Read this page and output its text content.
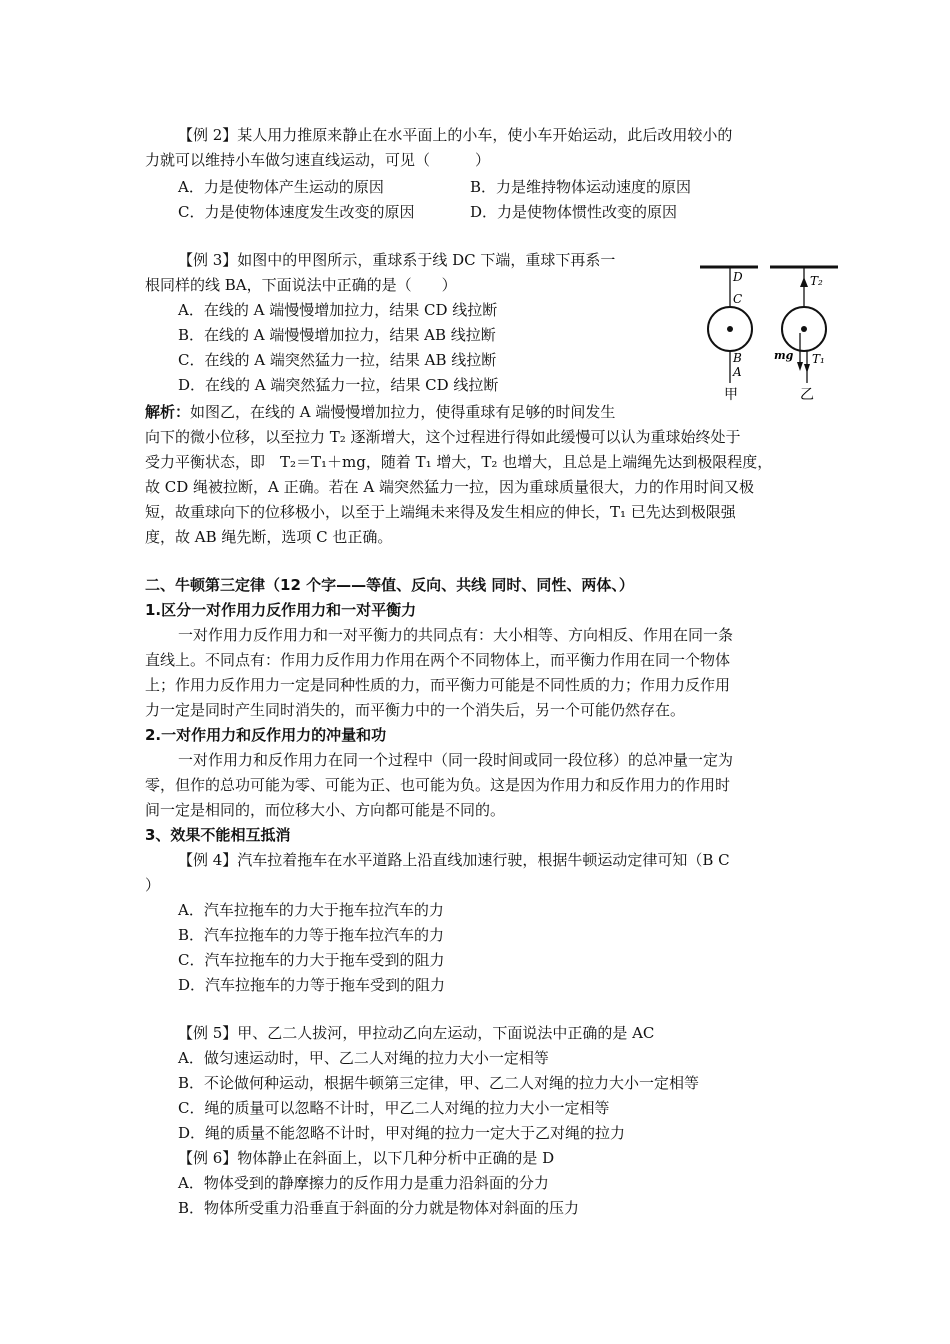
【例 2】某人用力推原来静止在水平面上的小车，使小车开始运动，此后改用较小的
力就可以维持小车做匀速直线运动，可见（　　　）
A．力是使物体产生运动的原因	B．力是维持物体运动速度的原因
C．力是使物体速度发生改变的原因	D．力是使物体惯性改变的原因
【例 3】如图中的甲图所示，重球系于线 DC 下端，重球下再系一
根同样的线 BA，下面说法中正确的是（　　）
A．在线的 A 端慢慢增加拉力，结果 CD 线拉断
B．在线的 A 端慢慢增加拉力，结果 AB 线拉断
C．在线的 A 端突然猛力一拉，结果 AB 线拉断
D．在线的 A 端突然猛力一拉，结果 CD 线拉断
解析：如图乙，在线的 A 端慢慢增加拉力，使得重球有足够的时间发生
向下的微小位移，以至拉力 T₂ 逐渐增大，这个过程进行得如此缓慢可以认为重球始终处于
受力平衡状态，即　T₂＝T₁＋mg，随着 T₁ 增大，T₂ 也增大，且总是上端绳先达到极限程度，
故 CD 绳被拉断，A 正确。若在 A 端突然猛力一拉，因为重球质量很大，力的作用时间又极
短，故重球向下的位移极小，以至于上端绳未来得及发生相应的伸长，T₁ 已先达到极限强
度，故 AB 绳先断，选项 C 也正确。
D
C
B
A
甲
T₂
mg T₁
乙
二、牛顿第三定律（12 个字——等值、反向、共线 同时、同性、两体、）
1.区分一对作用力反作用力和一对平衡力
一对作用力反作用力和一对平衡力的共同点有：大小相等、方向相反、作用在同一条
直线上。不同点有：作用力反作用力作用在两个不同物体上，而平衡力作用在同一个物体
上；作用力反作用力一定是同种性质的力，而平衡力可能是不同性质的力；作用力反作用
力一定是同时产生同时消失的，而平衡力中的一个消失后，另一个可能仍然存在。
2.一对作用力和反作用力的冲量和功
一对作用力和反作用力在同一个过程中（同一段时间或同一段位移）的总冲量一定为
零，但作的总功可能为零、可能为正、也可能为负。这是因为作用力和反作用力的作用时
间一定是相同的，而位移大小、方向都可能是不同的。
3、效果不能相互抵消
【例 4】汽车拉着拖车在水平道路上沿直线加速行驶，根据牛顿运动定律可知（B C
）
A．汽车拉拖车的力大于拖车拉汽车的力
B．汽车拉拖车的力等于拖车拉汽车的力
C．汽车拉拖车的力大于拖车受到的阻力
D．汽车拉拖车的力等于拖车受到的阻力
【例 5】甲、乙二人拔河，甲拉动乙向左运动，下面说法中正确的是 AC
A．做匀速运动时，甲、乙二人对绳的拉力大小一定相等
B．不论做何种运动，根据牛顿第三定律，甲、乙二人对绳的拉力大小一定相等
C．绳的质量可以忽略不计时，甲乙二人对绳的拉力大小一定相等
D．绳的质量不能忽略不计时，甲对绳的拉力一定大于乙对绳的拉力
【例 6】物体静止在斜面上，以下几种分析中正确的是 D
A．物体受到的静摩擦力的反作用力是重力沿斜面的分力
B．物体所受重力沿垂直于斜面的分力就是物体对斜面的压力
